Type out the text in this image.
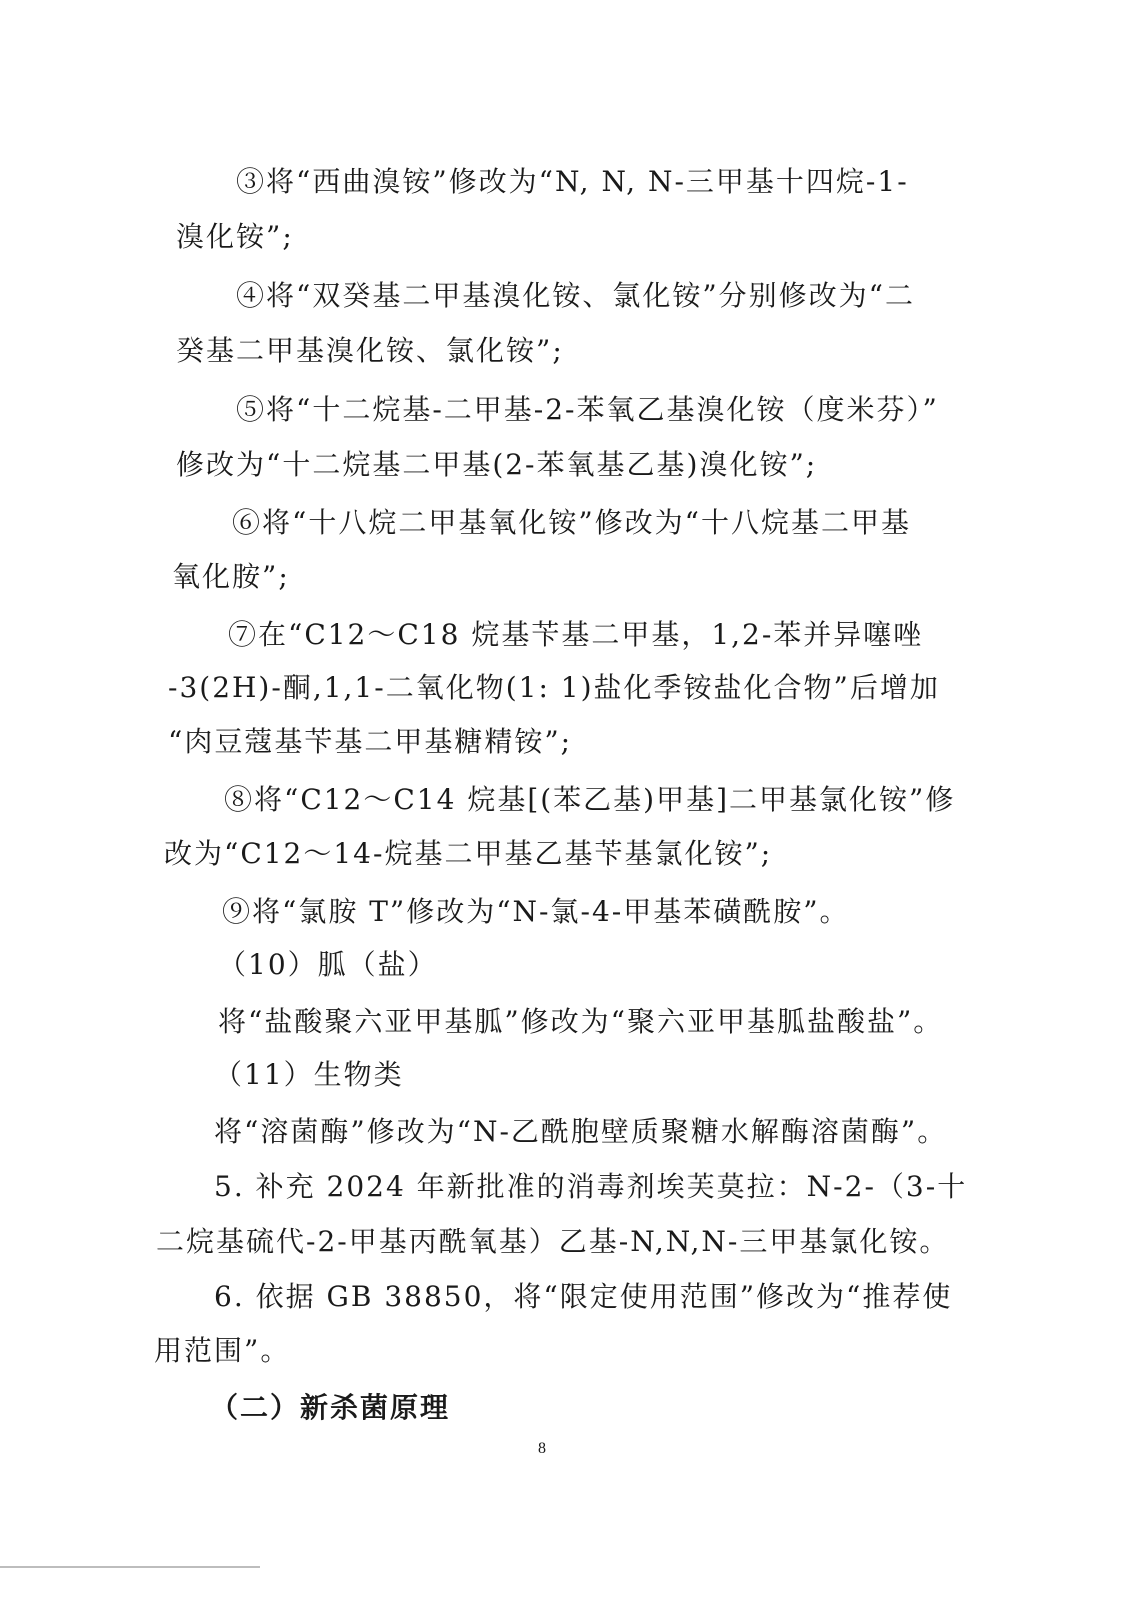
③将“西曲溴铵”修改为“N, N, N-三甲基十四烷-1-
溴化铵”;
④将“双癸基二甲基溴化铵、氯化铵”分别修改为“二
癸基二甲基溴化铵、氯化铵”;
⑤将“十二烷基-二甲基-2-苯氧乙基溴化铵（度米芬）”
修改为“十二烷基二甲基(2-苯氧基乙基)溴化铵”;
⑥将“十八烷二甲基氧化铵”修改为“十八烷基二甲基
氧化胺”;
⑦在“C12～C18 烷基苄基二甲基，1,2-苯并异噻唑
-3(2H)-酮,1,1-二氧化物(1: 1)盐化季铵盐化合物”后增加
“肉豆蔻基苄基二甲基糖精铵”;
⑧将“C12～C14 烷基[(苯乙基)甲基]二甲基氯化铵”修
改为“C12～14-烷基二甲基乙基苄基氯化铵”;
⑨将“氯胺 T”修改为“N-氯-4-甲基苯磺酰胺”。
（10）胍（盐）
将“盐酸聚六亚甲基胍”修改为“聚六亚甲基胍盐酸盐”。
（11）生物类
将“溶菌酶”修改为“N-乙酰胞壁质聚糖水解酶溶菌酶”。
5. 补充 2024 年新批准的消毒剂埃芙莫拉：N-2-（3-十
二烷基硫代-2-甲基丙酰氧基）乙基-N,N,N-三甲基氯化铵。
6. 依据 GB 38850，将“限定使用范围”修改为“推荐使
用范围”。
（二）新杀菌原理
8
